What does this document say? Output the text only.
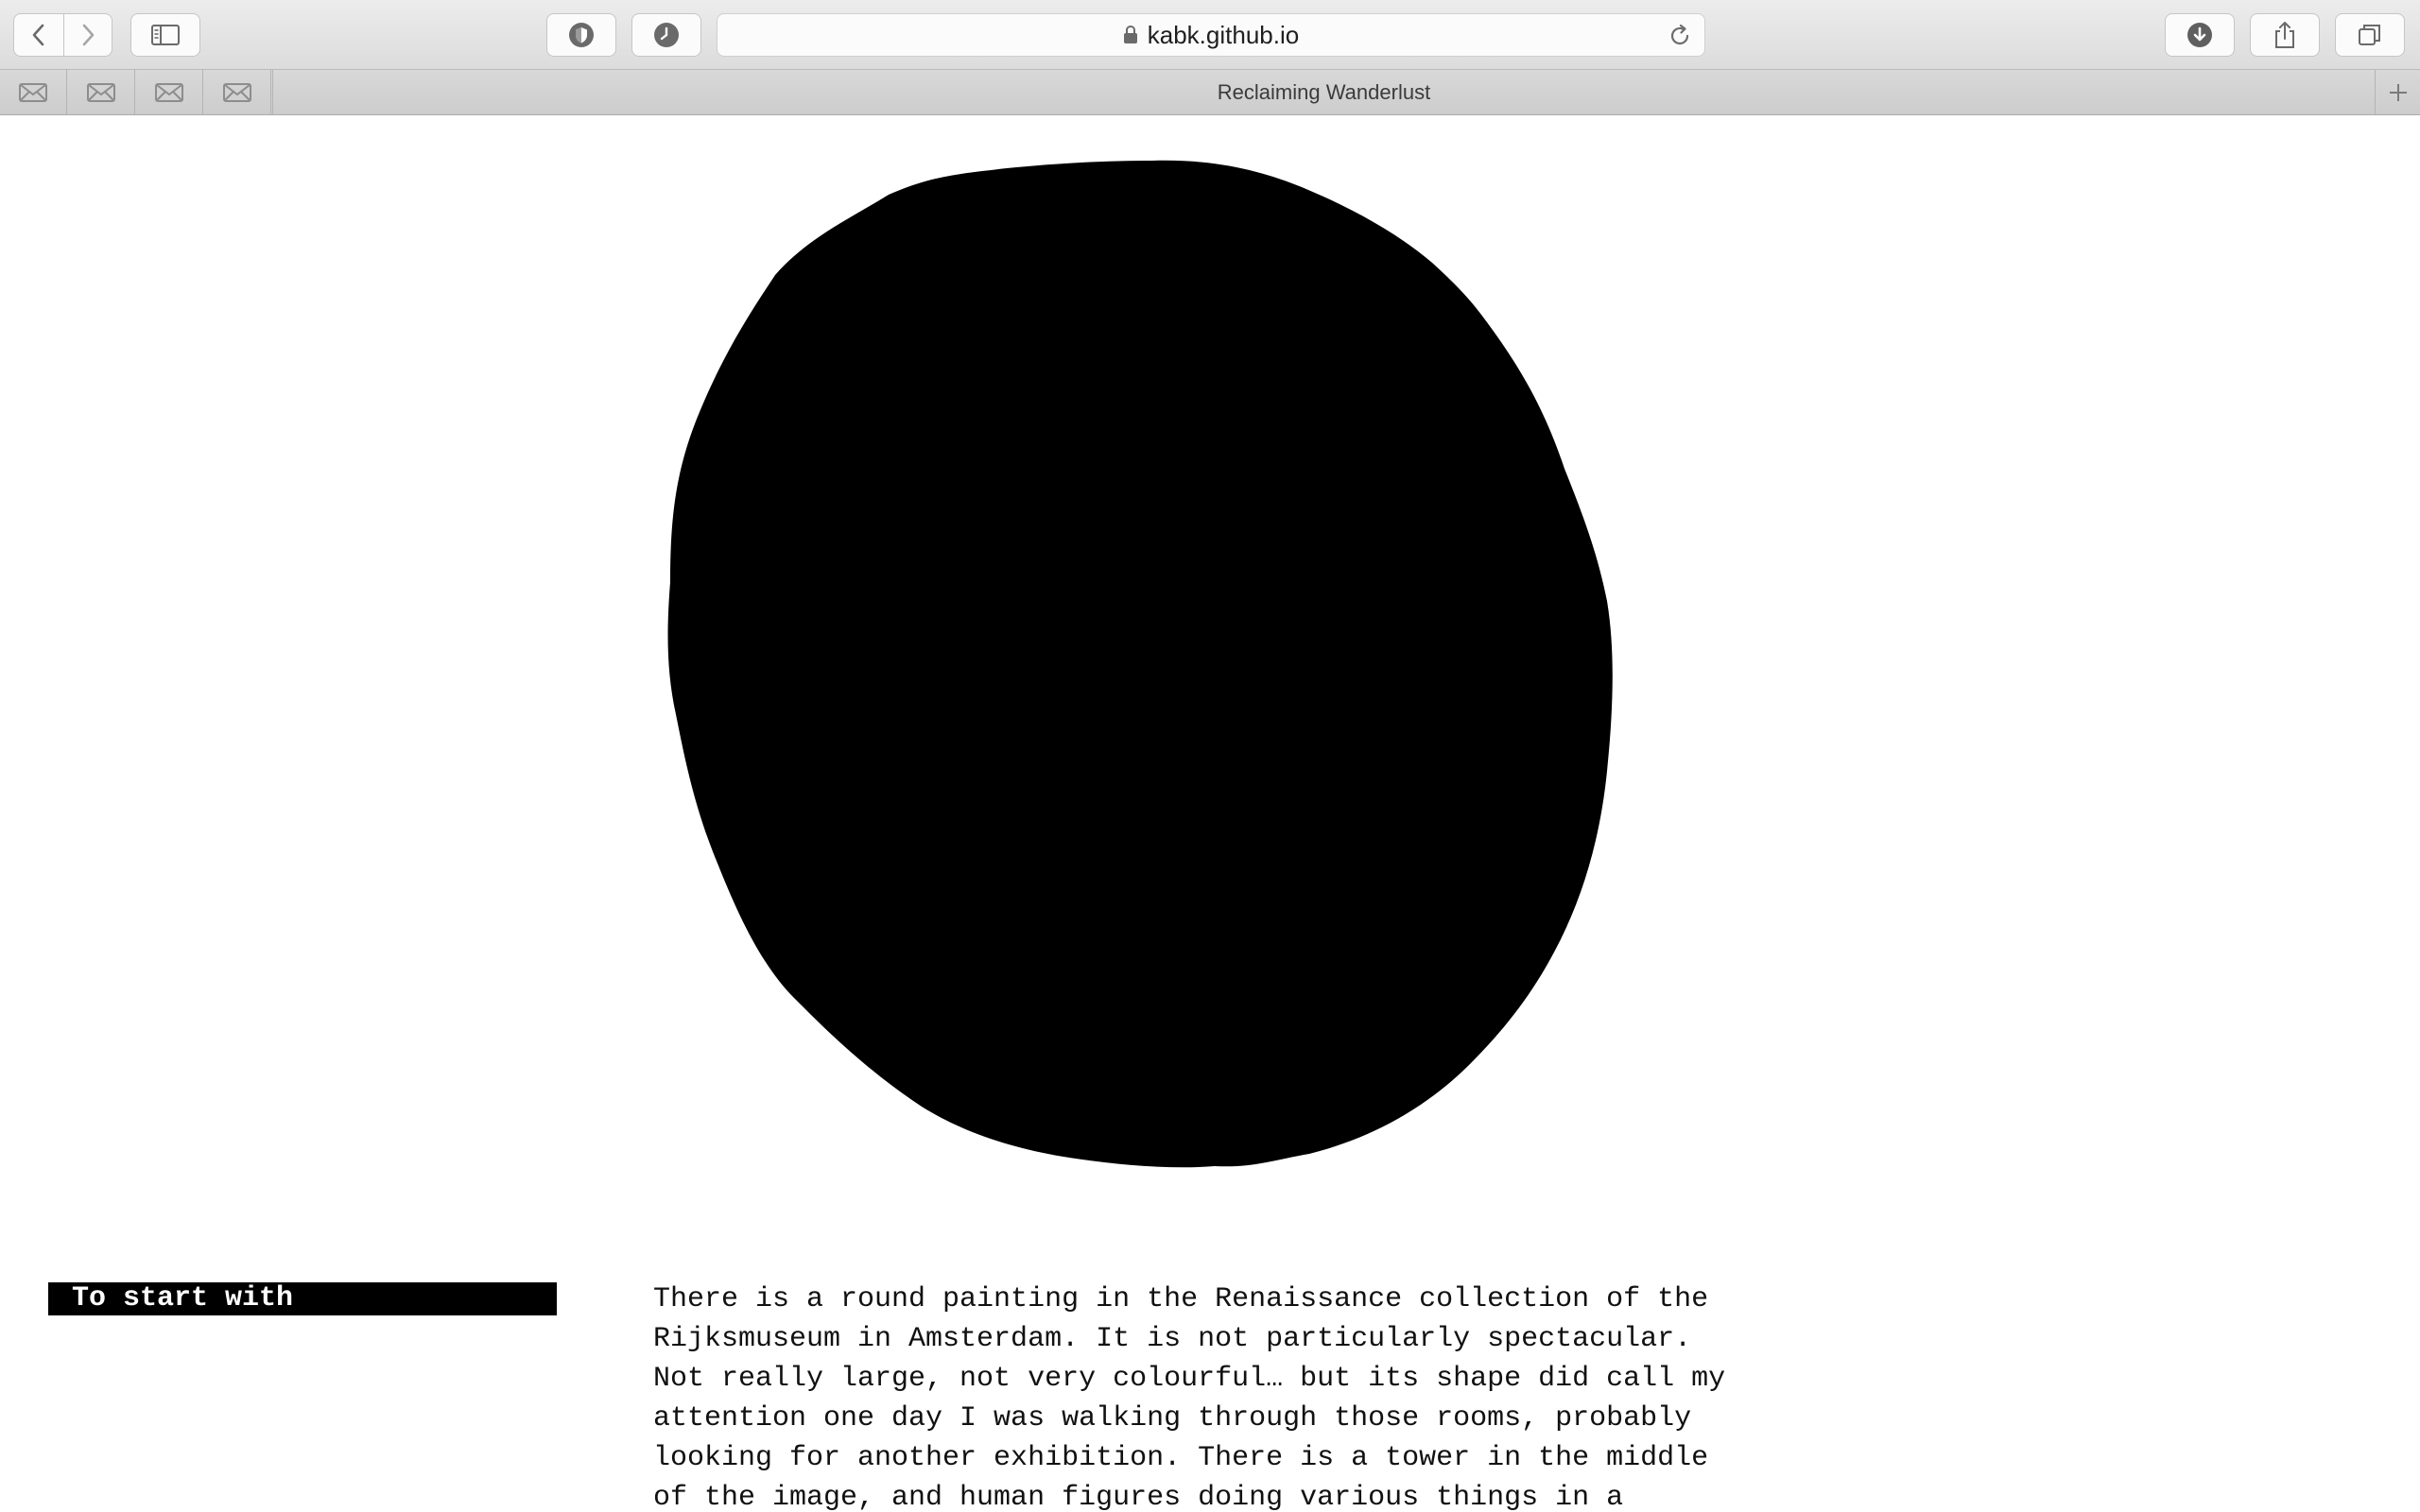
kabk.github.io
Reclaiming Wanderlust
To start with	There is a round painting in the Renaissance collection of the
Rijksmuseum in Amsterdam. It is not particularly spectacular.
Not really large, not very colourful… but its shape did call my
attention one day I was walking through those rooms, probably
looking for another exhibition. There is a tower in the middle
of the image, and human figures doing various things in a
